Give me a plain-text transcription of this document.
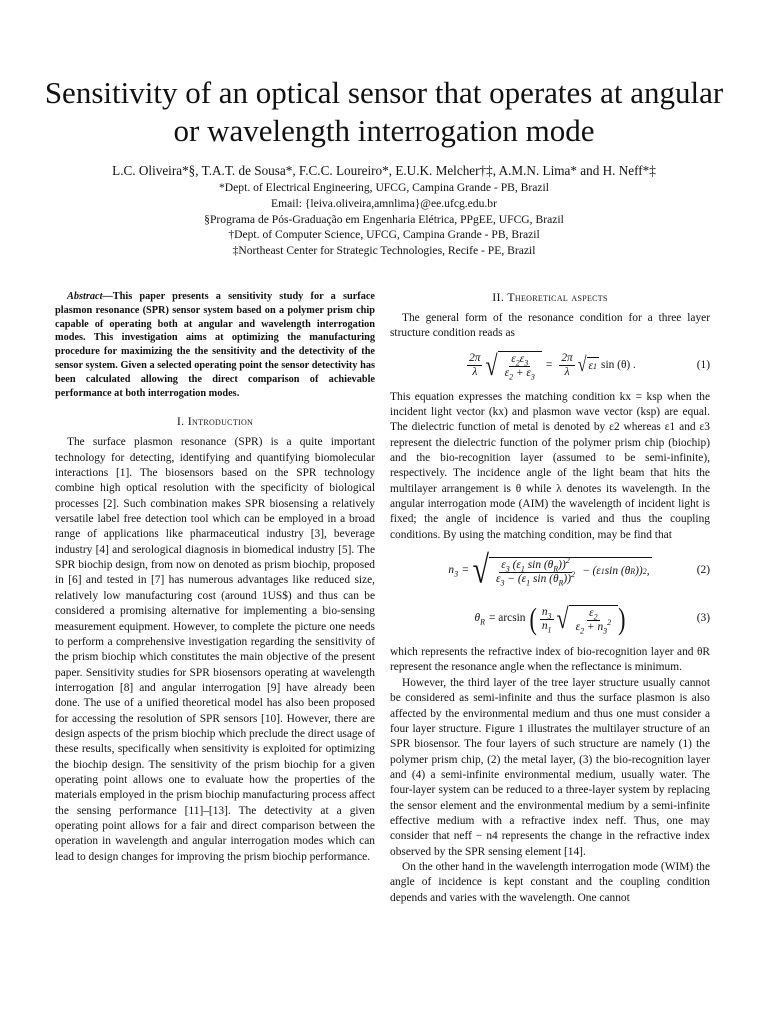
Sensitivity of an optical sensor that operates at angular or wavelength interrogation mode
L.C. Oliveira*§, T.A.T. de Sousa*, F.C.C. Loureiro*, E.U.K. Melcher†‡, A.M.N. Lima* and H. Neff*‡
*Dept. of Electrical Engineering, UFCG, Campina Grande - PB, Brazil
Email: {leiva.oliveira,amnlima}@ee.ufcg.edu.br
§Programa de Pós-Graduação em Engenharia Elétrica, PPgEE, UFCG, Brazil
†Dept. of Computer Science, UFCG, Campina Grande - PB, Brazil
‡Northeast Center for Strategic Technologies, Recife - PE, Brazil

Abstract—This paper presents a sensitivity study for a surface plasmon resonance (SPR) sensor system based on a polymer prism chip capable of operating both at angular and wavelength interrogation modes. This investigation aims at optimizing the manufacturing procedure for maximizing the the sensitivity and the detectivity of the sensor system. Given a selected operating point the sensor detectivity has been calculated allowing the direct comparison of achievable performance at both interrogation modes.

I. Introduction

The surface plasmon resonance (SPR) is a quite important technology for detecting, identifying and quantifying biomolecular interactions [1]. The biosensors based on the SPR technology combine high optical resolution with the specificity of biological processes [2]. Such combination makes SPR biosensing a relatively versatile label free detection tool which can be employed in a broad range of applications like pharmaceutical industry [3], beverage industry [4] and serological diagnosis in biomedical industry [5]. The SPR biochip design, from now on denoted as prism biochip, proposed in [6] and tested in [7] has numerous advantages like reduced size, relatively low manufacturing cost (around 1US$) and thus can be considered a promising alternative for implementing a bio-sensing measurement equipment. However, to complete the picture one needs to perform a comprehensive investigation regarding the sensitivity of the prism biochip which constitutes the main objective of the present paper. Sensitivity studies for SPR biosensors operating at wavelength interrogation [8] and angular interrogation [9] have already been done. The use of a unified theoretical model has also been proposed for accessing the resolution of SPR sensors [10]. However, there are design aspects of the prism biochip which preclude the direct usage of these results, specifically when sensitivity is exploited for optimizing the biochip design. The sensitivity of the prism biochip for a given operating point allows one to evaluate how the properties of the materials employed in the prism biochip manufacturing process affect the sensing performance [11]–[13]. The detectivity at a given operating point allows for a fair and direct comparison between the operation in wavelength and angular interrogation modes which can lead to design changes for improving the prism biochip performance.

II. Theoretical aspects

The general form of the resonance condition for a three layer structure condition reads as

$\frac{2\pi}{\lambda}$ √ $\frac{\varepsilon_2\varepsilon_3}{\varepsilon_2 + \varepsilon_3} = \frac{2\pi}{\lambda}$ √ ε 1 sin (θ) .	(1)

This equation expresses the matching condition kx = ksp when the incident light vector (kx) and plasmon wave vector (ksp) are equal. The dielectric function of metal is denoted by ε2 whereas ε1 and ε3 represent the dielectric function of the polymer prism chip (biochip) and the bio-recognition layer (assumed to be semi-infinite), respectively. The incidence angle of the light beam that hits the multilayer arrangement is θ while λ denotes its wavelength. In the angular interrogation mode (AIM) the wavelength of incident light is fixed; the angle of incidence is varied and thus the coupling conditions. By using the matching condition, may be find that

$n_3$ = √ $\frac{\varepsilon_3 (\varepsilon_1 \sin (\theta_R))^2}{\varepsilon_3 - (\varepsilon_1 \sin (\theta_R))^2} - (\varepsilon$ 1 sin (θ R )) 2 ,	(2)
$\theta_R = \arcsin$ ( $\frac{n_3}{n_1}$ √ $\frac{\varepsilon_2}{\varepsilon_2 + n_3^2}$ )	(3)

which represents the refractive index of bio-recognition layer and θR represent the resonance angle when the reflectance is minimum.

However, the third layer of the tree layer structure usually cannot be considered as semi-infinite and thus the surface plasmon is also affected by the environmental medium and thus one must consider a four layer structure. Figure 1 illustrates the multilayer structure of an SPR biosensor. The four layers of such structure are namely (1) the polymer prism chip, (2) the metal layer, (3) the bio-recognition layer and (4) a semi-infinite environmental medium, usually water. The four-layer system can be reduced to a three-layer system by replacing the sensor element and the environmental medium by a semi-infinite effective medium with a refractive index neff. Thus, one may consider that neff − n4 represents the change in the refractive index observed by the SPR sensing element [14].

On the other hand in the wavelength interrogation mode (WIM) the angle of incidence is kept constant and the coupling condition depends and varies with the wavelength. One cannot
